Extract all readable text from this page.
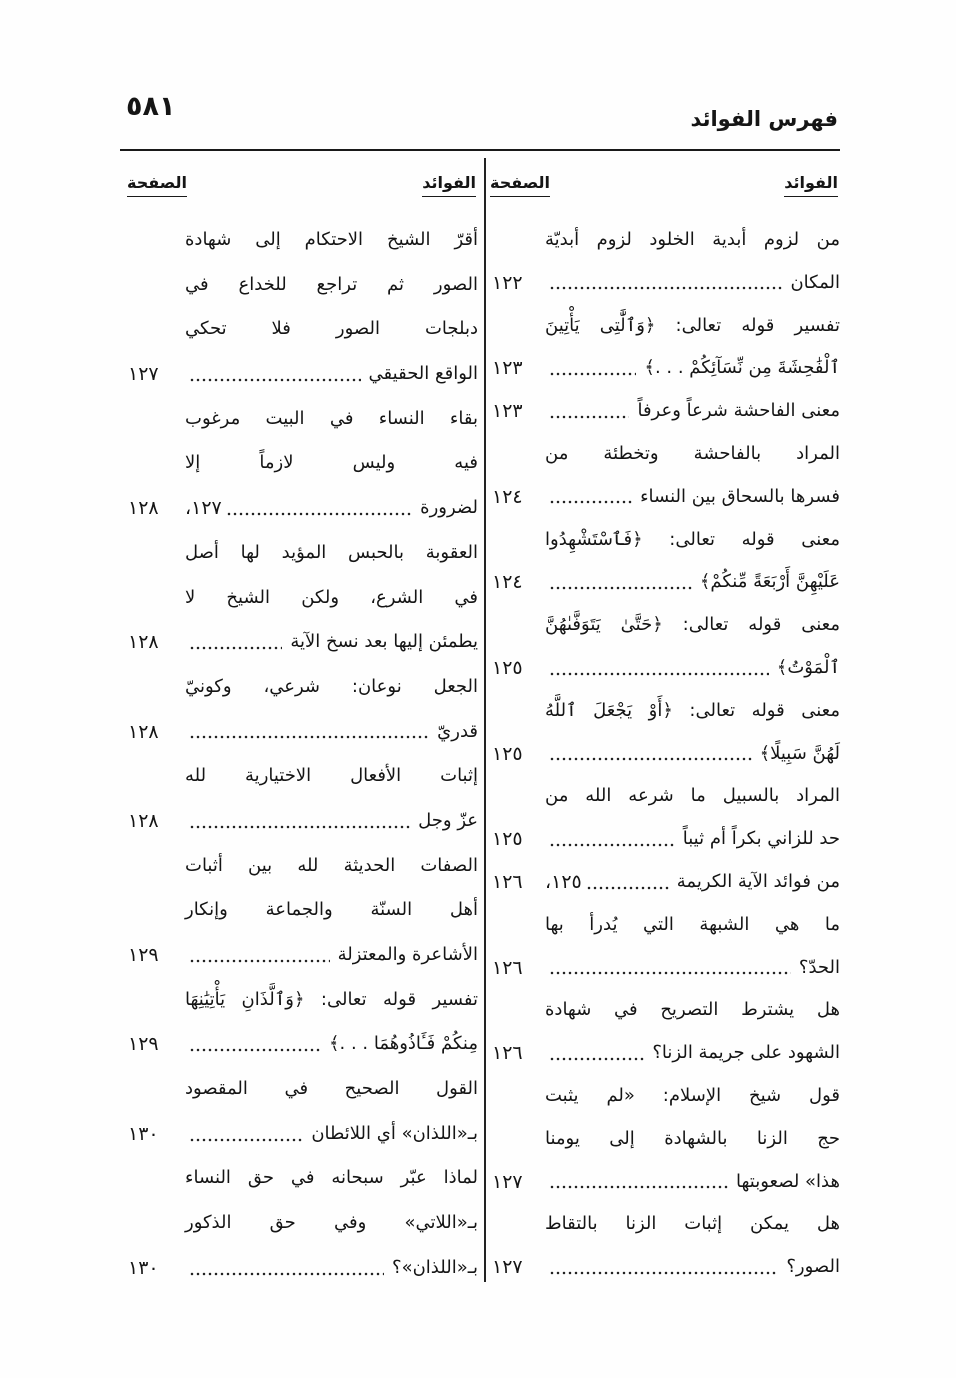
فهرس الفوائد
٥٨١
الفوائد
الصفحة
الفوائد
الصفحة
من لزوم أبدية الخلود لزوم أبديّة
المكان
١٢٢
تفسير قوله تعالى: ﴿وَٱلَّٰتِى يَأْتِينَ
ٱلْفَٰحِشَةَ مِن نِّسَآئِكُمْ . . .﴾
١٢٣
معنى الفاحشة شرعاً وعرفاً
١٢٣
المراد بالفاحشة وتخطئة من
فسرها بالسحاق بين النساء
١٢٤
معنى قوله تعالى: ﴿فَٱسْتَشْهِدُوا
عَلَيْهِنَّ أَرْبَعَةً مِّنكُمْ﴾
١٢٤
معنى قوله تعالى: ﴿حَتَّىٰ يَتَوَفَّىٰهُنَّ
ٱلْمَوْتُ﴾
١٢٥
معنى قوله تعالى: ﴿أَوْ يَجْعَلَ ٱللَّهُ
لَهُنَّ سَبِيلًا﴾
١٢٥
المراد بالسبيل ما شرعه الله من
حد للزاني بكراً أم ثيباً
١٢٥
من فوائد الآية الكريمة
١٢٥،
١٢٦
ما هي الشبهة التي يُدرأ بها
الحدّ؟
١٢٦
هل يشترط التصريح في شهادة
الشهود على جريمة الزنا؟
١٢٦
قول شيخ الإسلام: «لم يثبت
حج الزنا بالشهادة إلى يومنا
هذا» لصعوبتها
١٢٧
هل يمكن إثبات الزنا بالتقاط
الصور؟
١٢٧
أقرّ الشيخ الاحتكام إلى شهادة
الصور ثم تراجع للخداع في
دبلجات الصور فلا تحكي
الواقع الحقيقي
١٢٧
بقاء النساء في البيت مرغوب
فيه وليس لازماً إلا
لضرورة
١٢٧،
١٢٨
العقوبة بالحبس المؤيد لها أصل
في الشرع، ولكن الشيخ لا
يطمئن إليها بعد نسخ الآية
١٢٨
الجعل نوعان: شرعي، وكونيّ
قدريّ
١٢٨
إثبات الأفعال الاختيارية لله
عزّ وجل
١٢٨
الصفات الحديثة لله بين أثبات
أهل السنّة والجماعة وإنكار
الأشاعرة والمعتزلة
١٢٩
تفسير قوله تعالى: ﴿وَٱلَّذَانِ يَأْتِيَٰنِهَا
مِنكُمْ فَـَٔاذُوهُمَا . . .﴾
١٢٩
القول الصحيح في المقصود
بـ«اللذان» أي اللائطان
١٣٠
لماذا عبّر سبحانه في حق النساء
بـ«اللاتي» وفي حق الذكور
بـ«اللذان»؟
١٣٠
